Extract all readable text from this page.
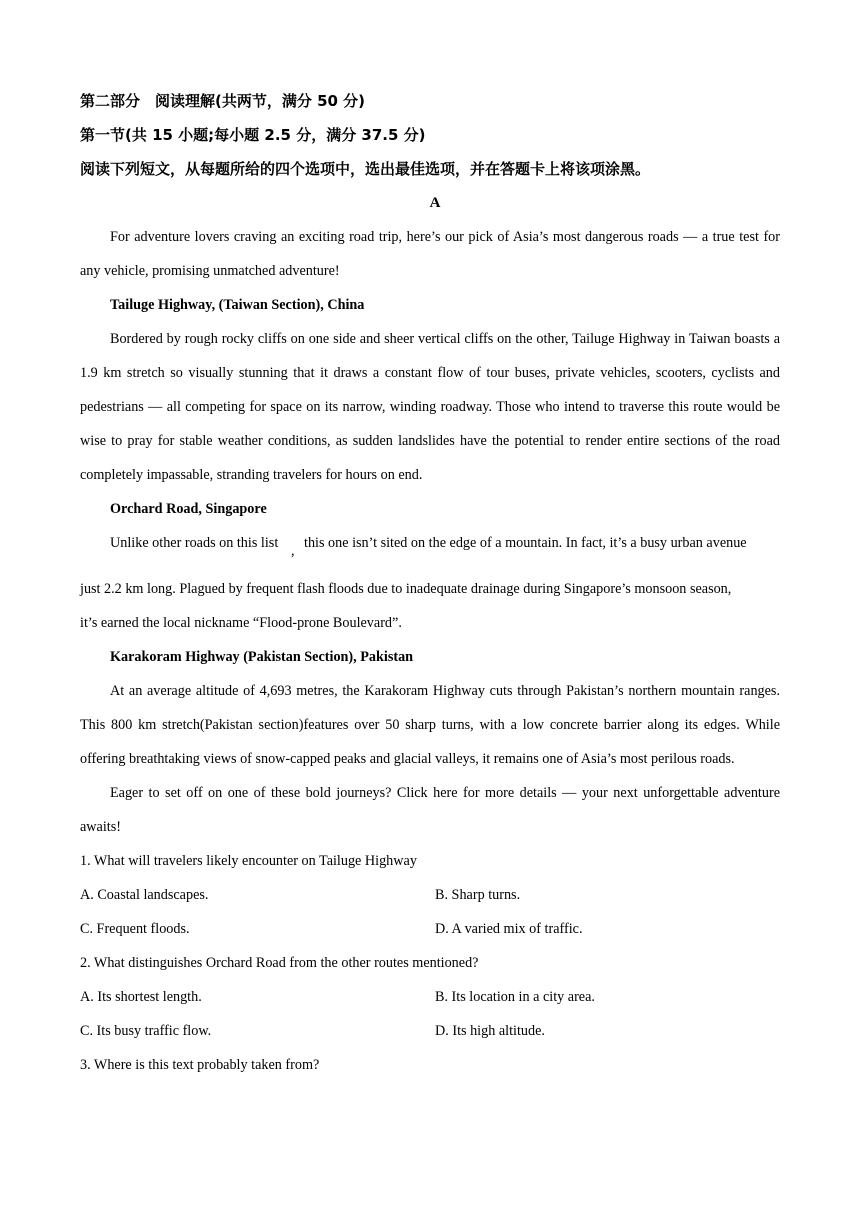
第二部分　阅读理解(共两节，满分 50 分)
第一节(共 15 小题;每小题 2.5 分，满分 37.5 分)
阅读下列短文，从每题所给的四个选项中，选出最佳选项，并在答题卡上将该项涂黑。
A

For adventure lovers craving an exciting road trip, here’s our pick of Asia’s most dangerous roads — a true test for any vehicle, promising unmatched adventure!

Tailuge Highway, (Taiwan Section), China

Bordered by rough rocky cliffs on one side and sheer vertical cliffs on the other, Tailuge Highway in Taiwan boasts a 1.9 km stretch so visually stunning that it draws a constant flow of tour buses, private vehicles, scooters, cyclists and pedestrians — all competing for space on its narrow, winding roadway. Those who intend to traverse this route would be wise to pray for stable weather conditions, as sudden landslides have the potential to render entire sections of the road completely impassable, stranding travelers for hours on end.

Orchard Road, Singapore
Unlike other roads on this list , this one isn’t sited on the edge of a mountain. In fact, it’s a busy urban avenue
just 2.2 km long. Plagued by frequent flash floods due to inadequate drainage during Singapore’s monsoon season,
it’s earned the local nickname “Flood-prone Boulevard”.
Karakoram Highway (Pakistan Section), Pakistan

At an average altitude of 4,693 metres, the Karakoram Highway cuts through Pakistan’s northern mountain ranges. This 800 km stretch(Pakistan section)features over 50 sharp turns, with a low concrete barrier along its edges. While offering breathtaking views of snow-capped peaks and glacial valleys, it remains one of Asia’s most perilous roads.

Eager to set off on one of these bold journeys? Click here for more details — your next unforgettable adventure awaits!

1. What will travelers likely encounter on Tailuge Highway
A. Coastal landscapes.	B. Sharp turns.
C. Frequent floods.	D. A varied mix of traffic.
2. What distinguishes Orchard Road from the other routes mentioned?
A. Its shortest length.	B. Its location in a city area.
C. Its busy traffic flow.	D. Its high altitude.
3. Where is this text probably taken from?
